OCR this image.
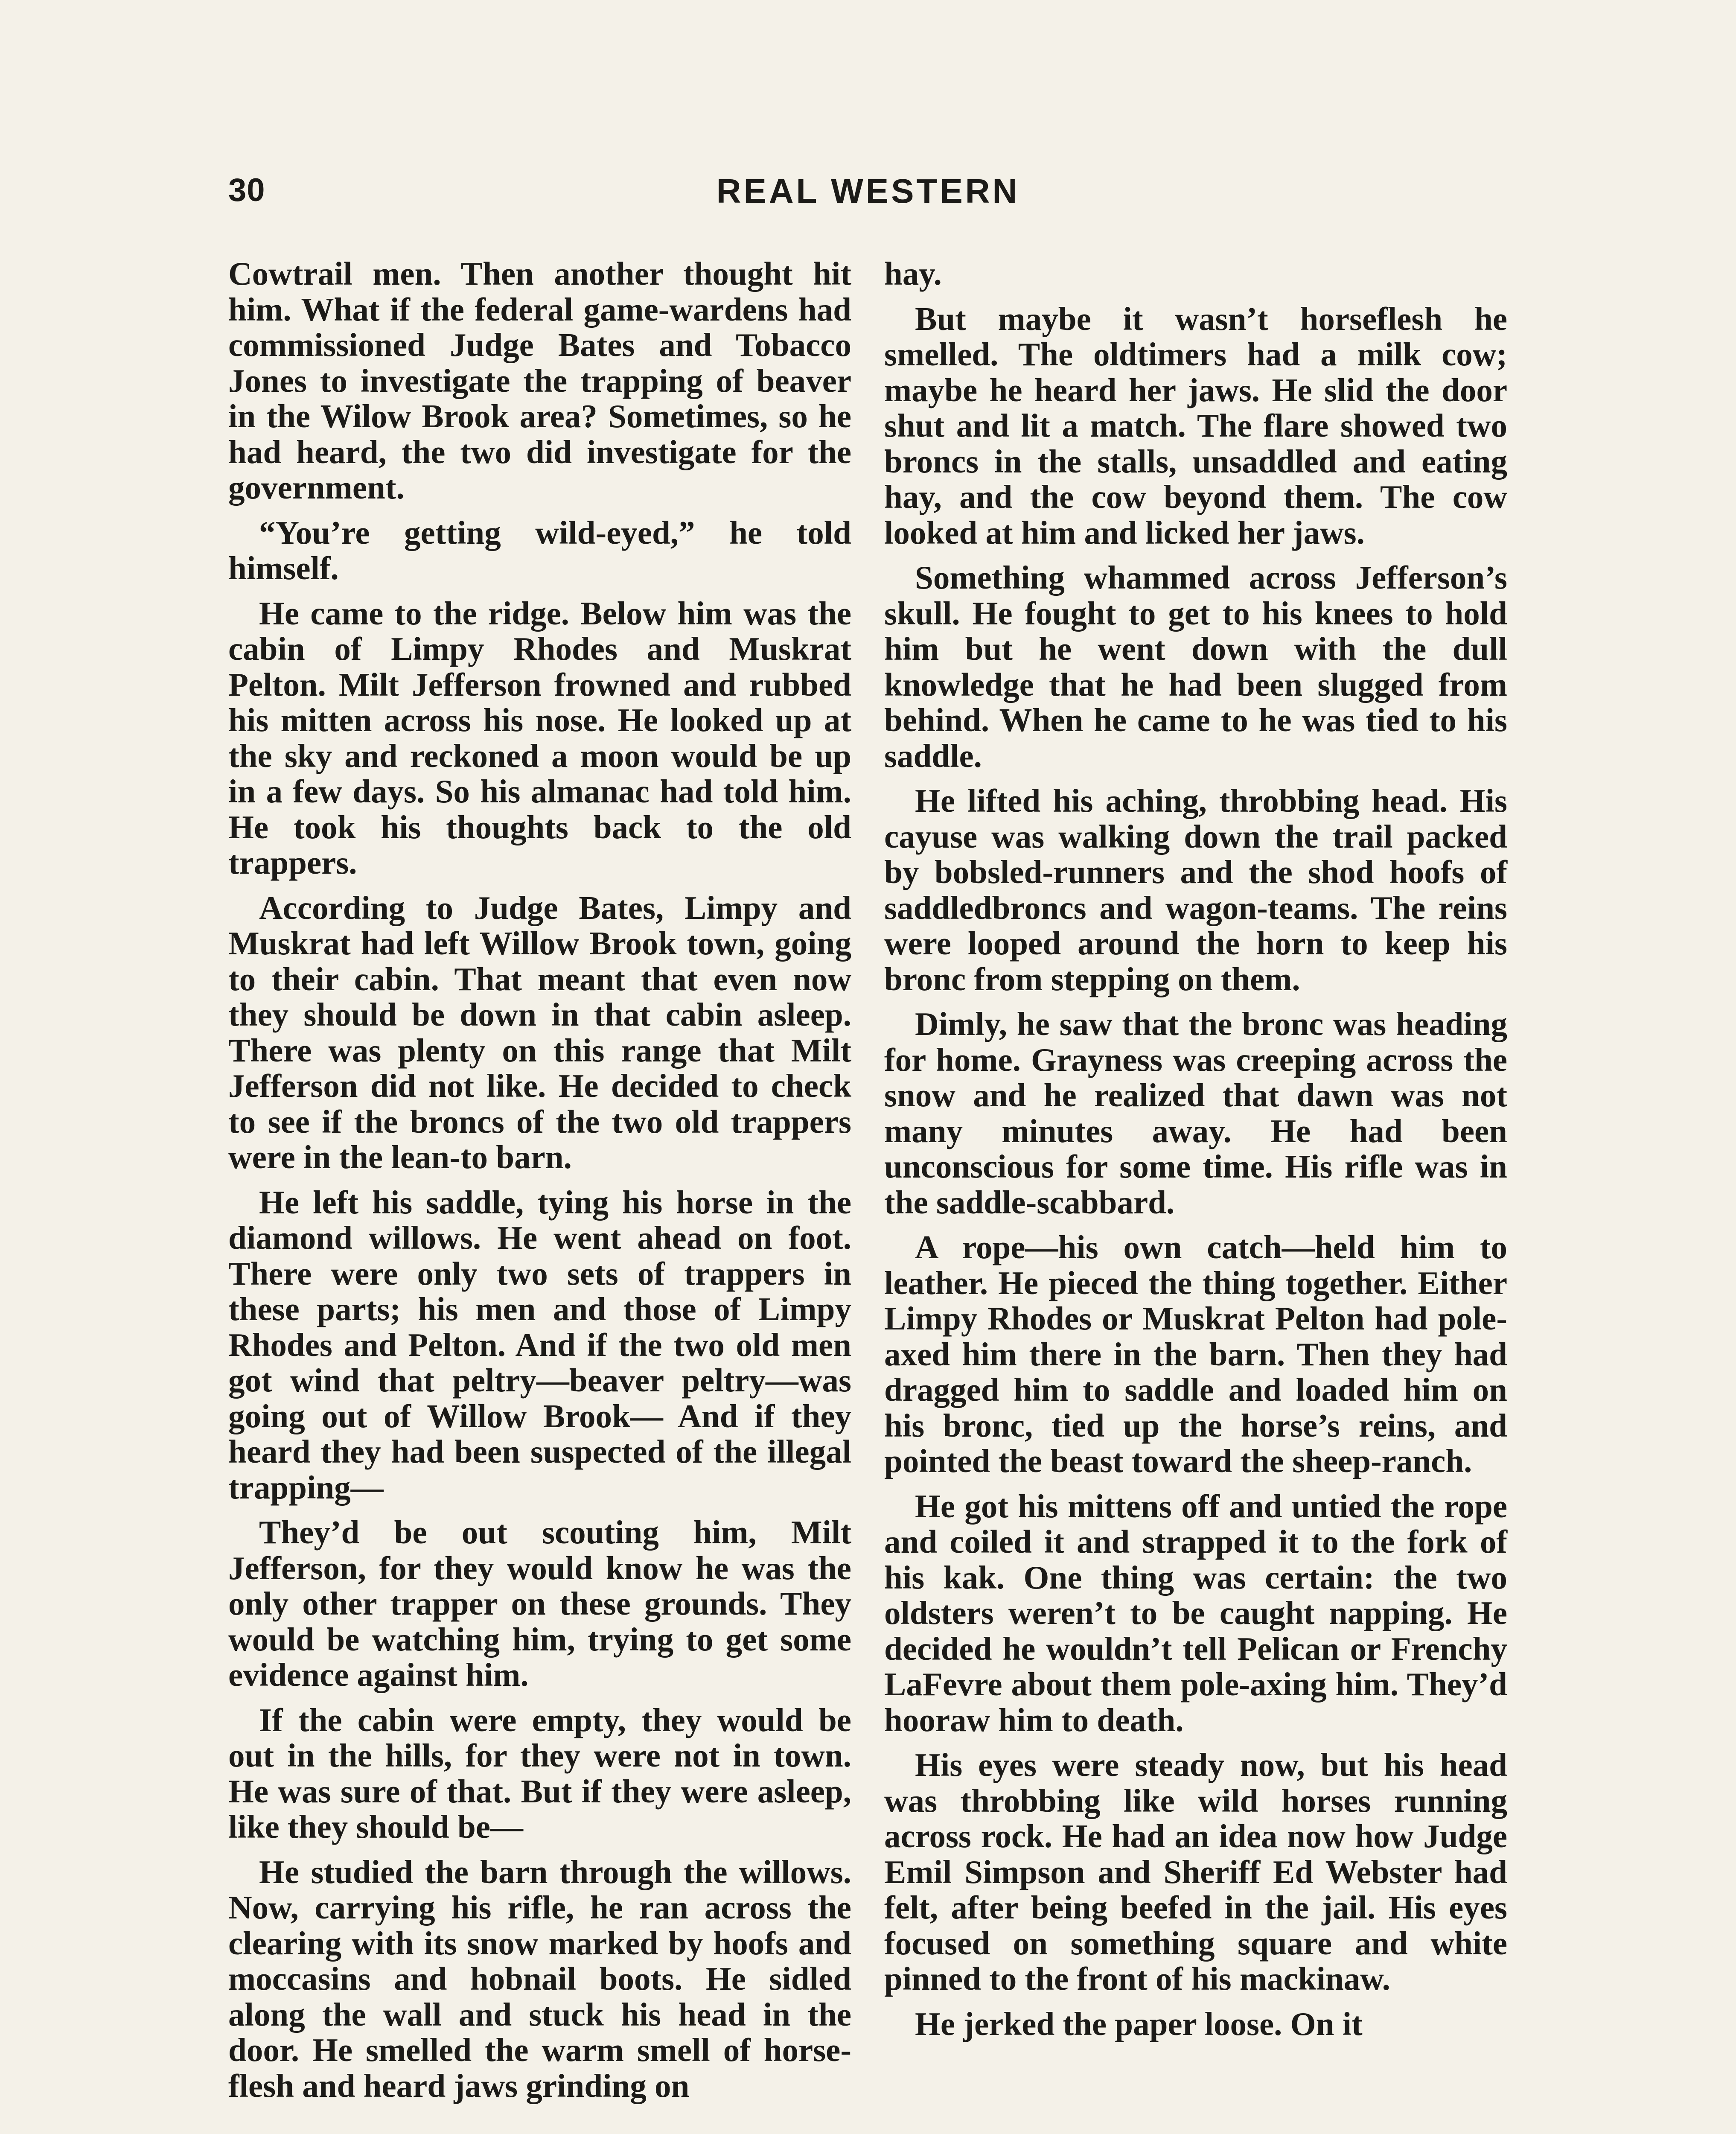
30	REAL WESTERN

Cowtrail men. Then another thought hit him. What if the federal game-wardens had commissioned Judge Bates and Tobacco Jones to investigate the trapping of beaver in the Wilow Brook area? Sometimes, so he had heard, the two did investigate for the government.

“You’re getting wild-eyed,” he told himself.

He came to the ridge. Below him was the cabin of Limpy Rhodes and Muskrat Pelton. Milt Jefferson frowned and rubbed his mitten across his nose. He looked up at the sky and reckoned a moon would be up in a few days. So his almanac had told him. He took his thoughts back to the old trappers.

According to Judge Bates, Limpy and Muskrat had left Willow Brook town, going to their cabin. That meant that even now they should be down in that cabin asleep. There was plenty on this range that Milt Jefferson did not like. He decided to check to see if the broncs of the two old trappers were in the lean-to barn.

He left his saddle, tying his horse in the diamond willows. He went ahead on foot. There were only two sets of trappers in these parts; his men and those of Limpy Rhodes and Pelton. And if the two old men got wind that peltry—beaver peltry—was going out of Willow Brook— And if they heard they had been suspected of the illegal trapping—

They’d be out scouting him, Milt Jefferson, for they would know he was the only other trapper on these grounds. They would be watching him, trying to get some evidence against him.

If the cabin were empty, they would be out in the hills, for they were not in town. He was sure of that. But if they were asleep, like they should be—

He studied the barn through the willows. Now, carrying his rifle, he ran across the clearing with its snow marked by hoofs and moccasins and hobnail boots. He sidled along the wall and stuck his head in the door. He smelled the warm smell of horse-flesh and heard jaws grinding on

hay.

But maybe it wasn’t horseflesh he smelled. The oldtimers had a milk cow; maybe he heard her jaws. He slid the door shut and lit a match. The flare showed two broncs in the stalls, unsaddled and eating hay, and the cow beyond them. The cow looked at him and licked her jaws.

Something whammed across Jefferson’s skull. He fought to get to his knees to hold him but he went down with the dull knowledge that he had been slugged from behind. When he came to he was tied to his saddle.

He lifted his aching, throbbing head. His cayuse was walking down the trail packed by bobsled-runners and the shod hoofs of saddledbroncs and wagon-teams. The reins were looped around the horn to keep his bronc from stepping on them.

Dimly, he saw that the bronc was heading for home. Grayness was creeping across the snow and he realized that dawn was not many minutes away. He had been unconscious for some time. His rifle was in the saddle-scabbard.

A rope—his own catch—held him to leather. He pieced the thing together. Either Limpy Rhodes or Muskrat Pelton had pole-axed him there in the barn. Then they had dragged him to saddle and loaded him on his bronc, tied up the horse’s reins, and pointed the beast toward the sheep-ranch.

He got his mittens off and untied the rope and coiled it and strapped it to the fork of his kak. One thing was certain: the two oldsters weren’t to be caught napping. He decided he wouldn’t tell Pelican or Frenchy LaFevre about them pole-axing him. They’d hooraw him to death.

His eyes were steady now, but his head was throbbing like wild horses running across rock. He had an idea now how Judge Emil Simpson and Sheriff Ed Webster had felt, after being beefed in the jail. His eyes focused on something square and white pinned to the front of his mackinaw.

He jerked the paper loose. On it
